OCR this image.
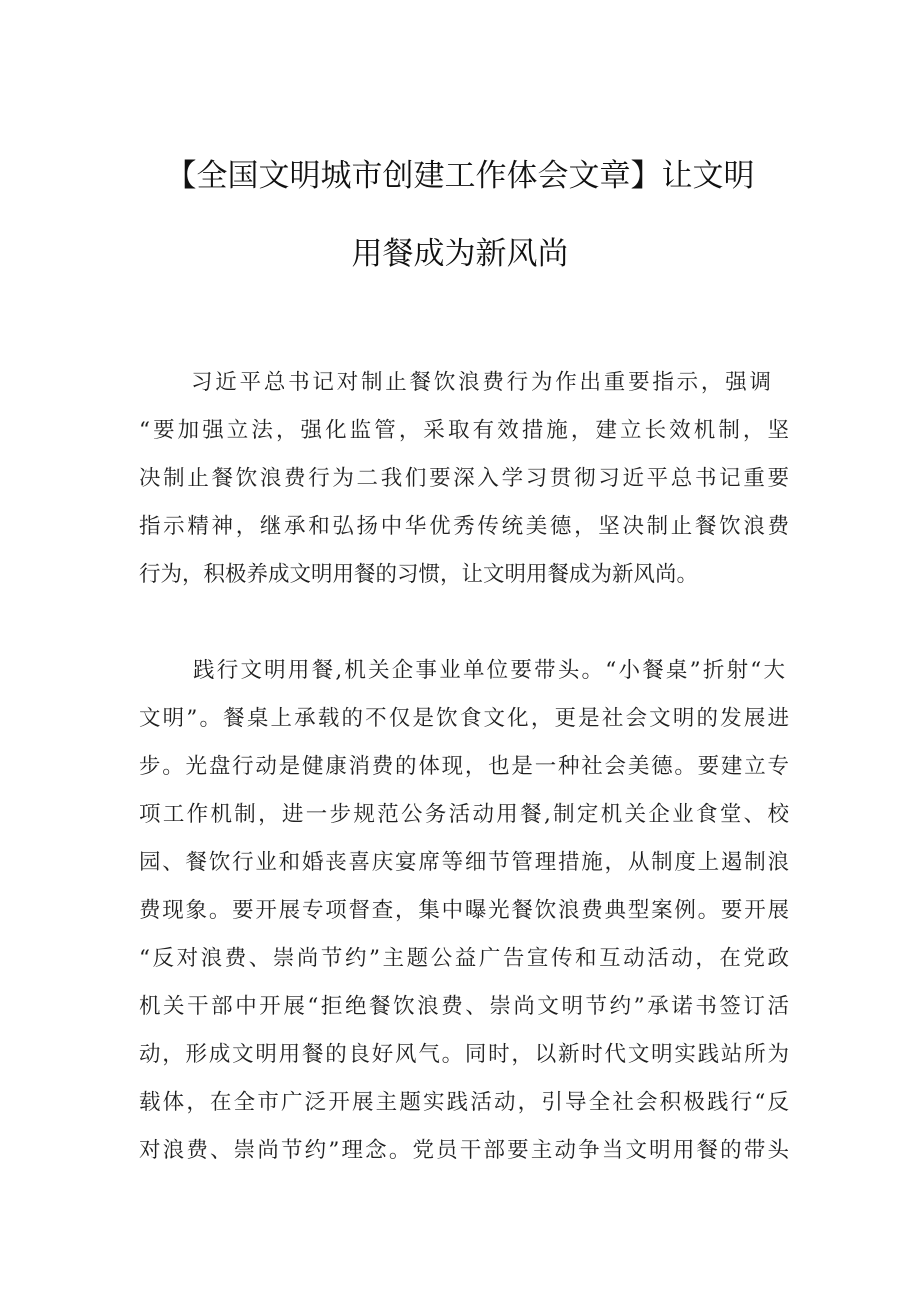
【全国文明城市创建工作体会文章】让文明
用餐成为新风尚
习近平总书记对制止餐饮浪费行为作出重要指示，强调
“要加强立法，强化监管，采取有效措施，建立长效机制，坚
决制止餐饮浪费行为二我们要深入学习贯彻习近平总书记重要
指示精神，继承和弘扬中华优秀传统美德，坚决制止餐饮浪费
行为，积极养成文明用餐的习惯，让文明用餐成为新风尚。
践行文明用餐,机关企事业单位要带头。“小餐桌”折射“大
文明”。餐桌上承载的不仅是饮食文化，更是社会文明的发展进
步。光盘行动是健康消费的体现，也是一种社会美德。要建立专
项工作机制，进一步规范公务活动用餐,制定机关企业食堂、校
园、餐饮行业和婚丧喜庆宴席等细节管理措施，从制度上遏制浪
费现象。要开展专项督查，集中曝光餐饮浪费典型案例。要开展
“反对浪费、崇尚节约”主题公益广告宣传和互动活动，在党政
机关干部中开展“拒绝餐饮浪费、崇尚文明节约”承诺书签订活
动，形成文明用餐的良好风气。同时，以新时代文明实践站所为
载体，在全市广泛开展主题实践活动，引导全社会积极践行“反
对浪费、崇尚节约”理念。党员干部要主动争当文明用餐的带头
